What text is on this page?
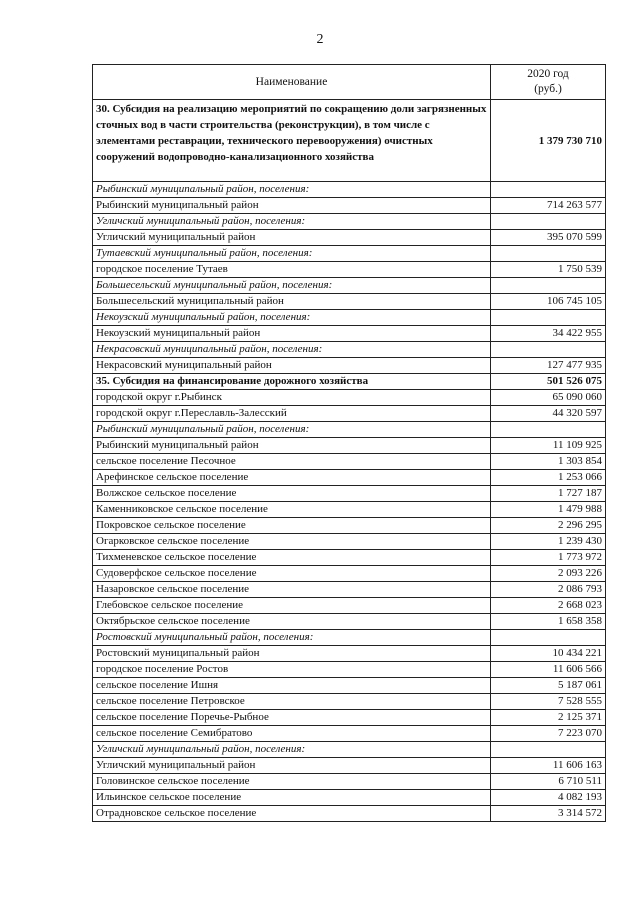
2
Наименование	2020 год
(руб.)
30. Субсидия на реализацию мероприятий по сокращению доли загрязненных сточных вод в части строительства (реконструкции), в том числе с элементами реставрации, технического перевооружения) очистных сооружений водопроводно-канализационного хозяйства	1 379 730 710
Рыбинский муниципальный район, поселения:	
Рыбинский муниципальный район	714 263 577
Угличский муниципальный район, поселения:	
Угличский муниципальный район	395 070 599
Тутаевский муниципальный район, поселения:	
городское поселение Тутаев	1 750 539
Большесельский муниципальный район, поселения:	
Большесельский муниципальный район	106 745 105
Некоузский муниципальный район, поселения:	
Некоузский муниципальный район	34 422 955
Некрасовский муниципальный район, поселения:	
Некрасовский муниципальный район	127 477 935
35. Субсидия на финансирование дорожного хозяйства	501 526 075
городской округ г.Рыбинск	65 090 060
городской округ г.Переславль-Залесский	44 320 597
Рыбинский муниципальный район, поселения:	
Рыбинский муниципальный район	11 109 925
сельское поселение Песочное	1 303 854
Арефинское сельское поселение	1 253 066
Волжское сельское поселение	1 727 187
Каменниковское сельское поселение	1 479 988
Покровское сельское поселение	2 296 295
Огарковское сельское поселение	1 239 430
Тихменевское сельское поселение	1 773 972
Судоверфское сельское поселение	2 093 226
Назаровское сельское поселение	2 086 793
Глебовское сельское поселение	2 668 023
Октябрьское сельское поселение	1 658 358
Ростовский муниципальный район, поселения:	
Ростовский муниципальный район	10 434 221
городское поселение Ростов	11 606 566
сельское поселение Ишня	5 187 061
сельское поселение Петровское	7 528 555
сельское поселение Поречье-Рыбное	2 125 371
сельское поселение Семибратово	7 223 070
Угличский муниципальный район, поселения:	
Угличский муниципальный район	11 606 163
Головинское сельское поселение	6 710 511
Ильинское сельское поселение	4 082 193
Отрадновское сельское поселение	3 314 572
